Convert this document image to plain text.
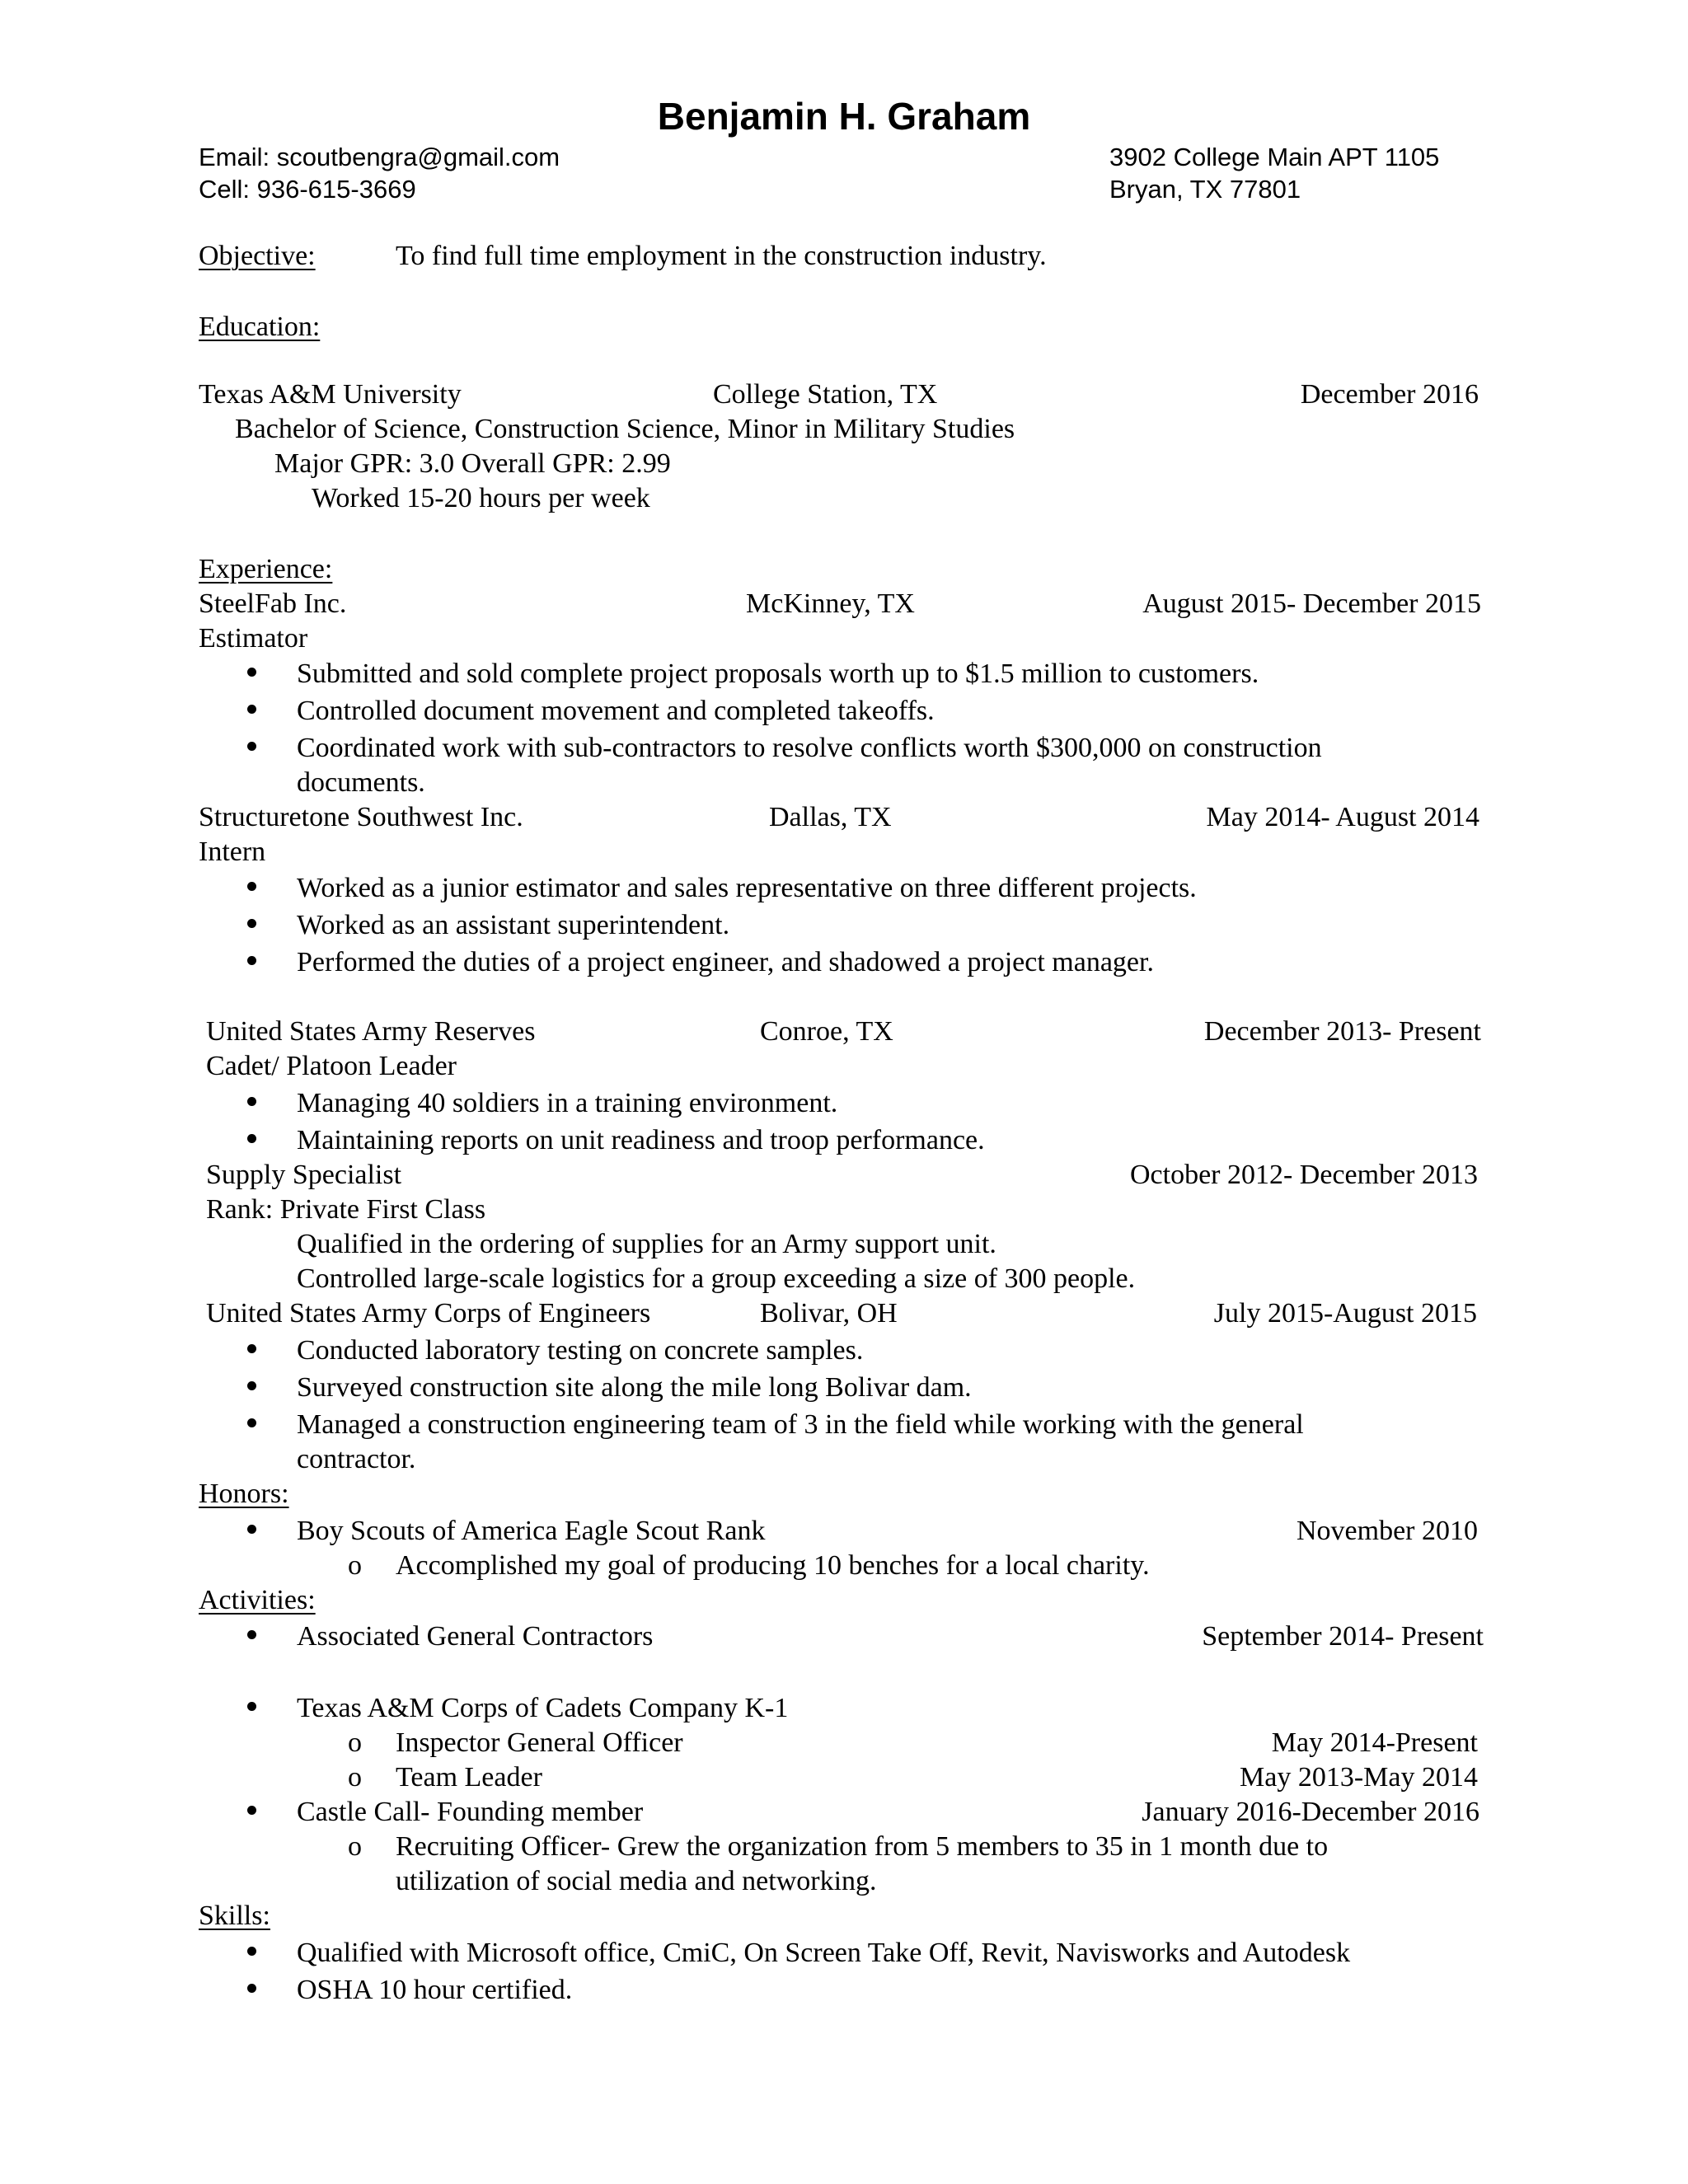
Benjamin H. Graham
Email: scoutbengra@gmail.com
Cell: 936-615-3669
3902 College Main APT 1105
Bryan, TX 77801
Objective:	To find full time employment in the construction industry.
Education:
Texas A&M University	College Station, TX	December 2016
Bachelor of Science, Construction Science, Minor in Military Studies
Major GPR: 3.0 Overall GPR: 2.99
Worked 15-20 hours per week
Experience:
SteelFab Inc.	McKinney, TX	August 2015- December 2015
Estimator
Submitted and sold complete project proposals worth up to $1.5 million to customers.
Controlled document movement and completed takeoffs.
Coordinated work with sub-contractors to resolve conflicts worth $300,000 on construction
documents.
Structuretone Southwest Inc.	Dallas, TX	May 2014- August 2014
Intern
Worked as a junior estimator and sales representative on three different projects.
Worked as an assistant superintendent.
Performed the duties of a project engineer, and shadowed a project manager.
United States Army Reserves	Conroe, TX	December 2013- Present
Cadet/ Platoon Leader
Managing 40 soldiers in a training environment.
Maintaining reports on unit readiness and troop performance.
Supply Specialist	October 2012- December 2013
Rank: Private First Class
Qualified in the ordering of supplies for an Army support unit.
Controlled large-scale logistics for a group exceeding a size of 300 people.
United States Army Corps of Engineers	Bolivar, OH	July 2015-August 2015
Conducted laboratory testing on concrete samples.
Surveyed construction site along the mile long Bolivar dam.
Managed a construction engineering team of 3 in the field while working with the general
contractor.
Honors:
Boy Scouts of America Eagle Scout Rank	November 2010
o Accomplished my goal of producing 10 benches for a local charity.
Activities:
Associated General Contractors	September 2014- Present
Texas A&M Corps of Cadets Company K-1
o Inspector General Officer	May 2014-Present
o Team Leader	May 2013-May 2014
Castle Call- Founding member	January 2016-December 2016
o Recruiting Officer- Grew the organization from 5 members to 35 in 1 month due to
utilization of social media and networking.
Skills:
Qualified with Microsoft office, CmiC, On Screen Take Off, Revit, Navisworks and Autodesk
OSHA 10 hour certified.
